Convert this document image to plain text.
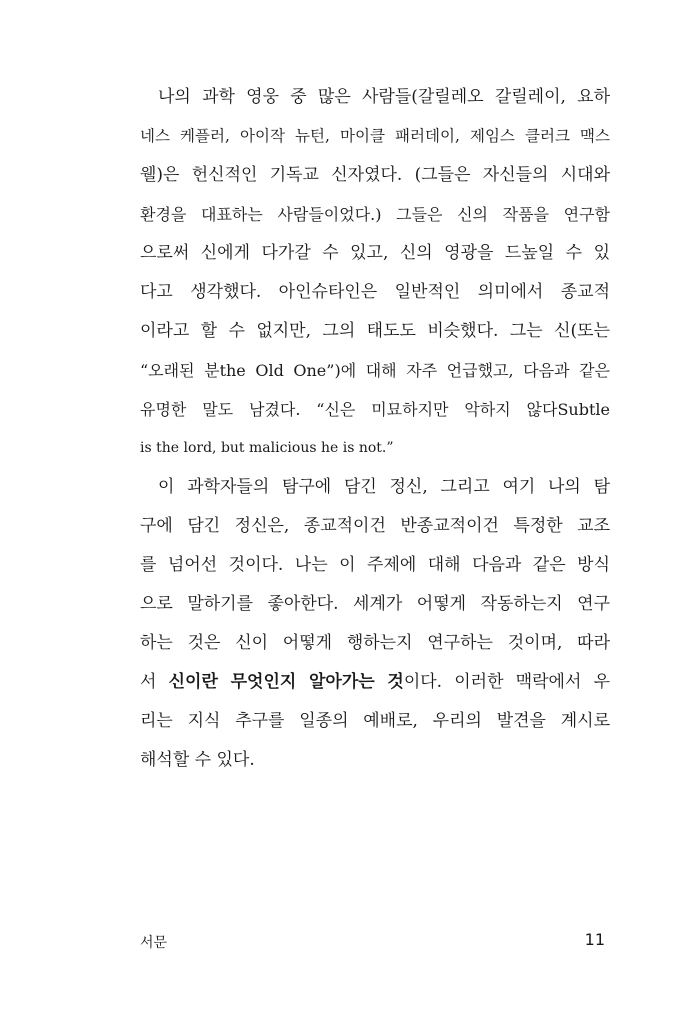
나의 과학 영웅 중 많은 사람들(갈릴레오 갈릴레이, 요하
네스 케플러, 아이작 뉴턴, 마이클 패러데이, 제임스 클러크 맥스
웰)은 헌신적인 기독교 신자였다. (그들은 자신들의 시대와
환경을 대표하는 사람들이었다.) 그들은 신의 작품을 연구함
으로써 신에게 다가갈 수 있고, 신의 영광을 드높일 수 있
다고 생각했다. 아인슈타인은 일반적인 의미에서 종교적
이라고 할 수 없지만, 그의 태도도 비슷했다. 그는 신(또는
“오래된 분the Old One”)에 대해 자주 언급했고, 다음과 같은
유명한 말도 남겼다. “신은 미묘하지만 악하지 않다Subtle
is the lord, but malicious he is not.”
이 과학자들의 탐구에 담긴 정신, 그리고 여기 나의 탐
구에 담긴 정신은, 종교적이건 반종교적이건 특정한 교조
를 넘어선 것이다. 나는 이 주제에 대해 다음과 같은 방식
으로 말하기를 좋아한다. 세계가 어떻게 작동하는지 연구
하는 것은 신이 어떻게 행하는지 연구하는 것이며, 따라
서 신이란 무엇인지 알아가는 것이다. 이러한 맥락에서 우
리는 지식 추구를 일종의 예배로, 우리의 발견을 계시로
해석할 수 있다.
서문	11
